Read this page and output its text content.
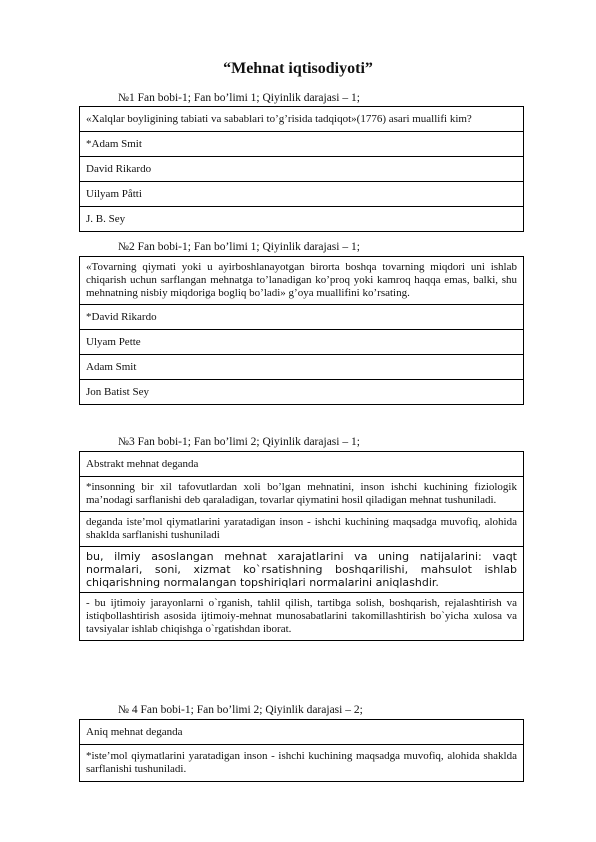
“Mehnat iqtisodiyoti”
№1 Fan bobi-1; Fan bo’limi 1; Qiyinlik darajasi – 1;
«Xalqlar boyligining tabiati va sabablari to’g’risida tadqiqot»(1776) asari muallifi kim?
*Adam Smit
David Rikardo
Uilyam Påtti
J. B. Sey
№2 Fan bobi-1; Fan bo’limi 1; Qiyinlik darajasi – 1;
«Tovarning qiymati yoki u ayirboshlanayotgan birorta boshqa tovarning miqdori uni ishlab chiqarish uchun sarflangan mehnatga to’lanadigan ko’proq yoki kamroq haqqa emas, balki, shu mehnatning nisbiy miqdoriga bogliq bo’ladi» g’oya muallifini ko’rsating.
*David Rikardo
Ulyam Pette
Adam Smit
Jon Batist Sey
№3 Fan bobi-1; Fan bo’limi 2; Qiyinlik darajasi – 1;
Abstrakt mehnat deganda
*insonning bir xil tafovutlardan xoli bo’lgan mehnatini, inson ishchi kuchining fiziologik ma’nodagi sarflanishi deb qaraladigan, tovarlar qiymatini hosil qiladigan mehnat tushuniladi.
deganda iste’mol qiymatlarini yaratadigan inson - ishchi kuchining maqsadga muvofiq, alohida shaklda sarflanishi tushuniladi
bu, ilmiy asoslangan mehnat xarajatlarini va uning natijalarini: vaqt normalari, soni, xizmat ko`rsatishning boshqarilishi, mahsulot ishlab chiqarishning normalangan topshiriqlari normalarini aniqlashdir.
- bu ijtimoiy jarayonlarni o`rganish, tahlil qilish, tartibga solish, boshqarish, rejalashtirish va istiqbollashtirish asosida ijtimoiy-mehnat munosabatlarini takomillashtirish bo`yicha xulosa va tavsiyalar ishlab chiqishga o`rgatishdan iborat.
№ 4 Fan bobi-1; Fan bo’limi 2; Qiyinlik darajasi – 2;
Aniq mehnat deganda
*iste’mol qiymatlarini yaratadigan inson - ishchi kuchining maqsadga muvofiq, alohida shaklda sarflanishi tushuniladi.
